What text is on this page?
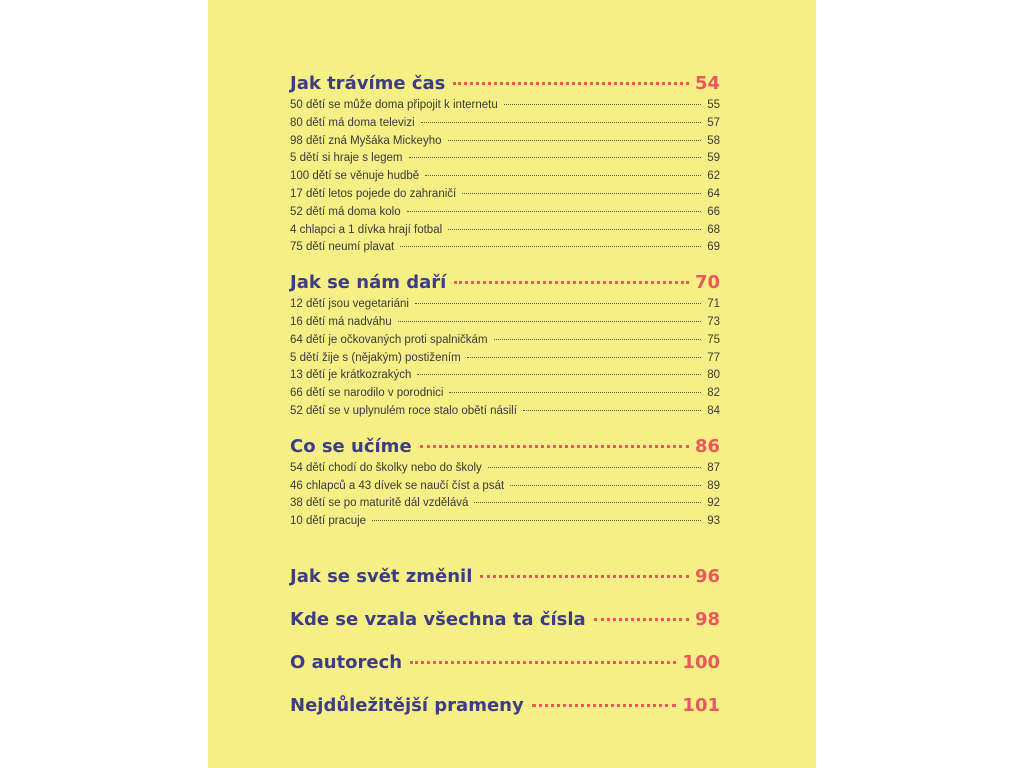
Jak trávíme čas	54
50 dětí se může doma připojit k internetu	55
80 dětí má doma televizi	57
98 dětí zná Myšáka Mickeyho	58
5 dětí si hraje s legem	59
100 dětí se věnuje hudbě	62
17 dětí letos pojede do zahraničí	64
52 dětí má doma kolo	66
4 chlapci a 1 dívka hrají fotbal	68
75 dětí neumí plavat	69
Jak se nám daří	70
12 dětí jsou vegetariáni	71
16 dětí má nadváhu	73
64 dětí je očkovaných proti spalničkám	75
5 dětí žije s (nějakým) postižením	77
13 dětí je krátkozrakých	80
66 dětí se narodilo v porodnici	82
52 dětí se v uplynulém roce stalo obětí násilí	84
Co se učíme	86
54 dětí chodí do školky nebo do školy	87
46 chlapců a 43 dívek se naučí číst a psát	89
38 dětí se po maturitě dál vzdělává	92
10 dětí pracuje	93
Jak se svět změnil	96
Kde se vzala všechna ta čísla	98
O autorech	100
Nejdůležitější prameny	101
